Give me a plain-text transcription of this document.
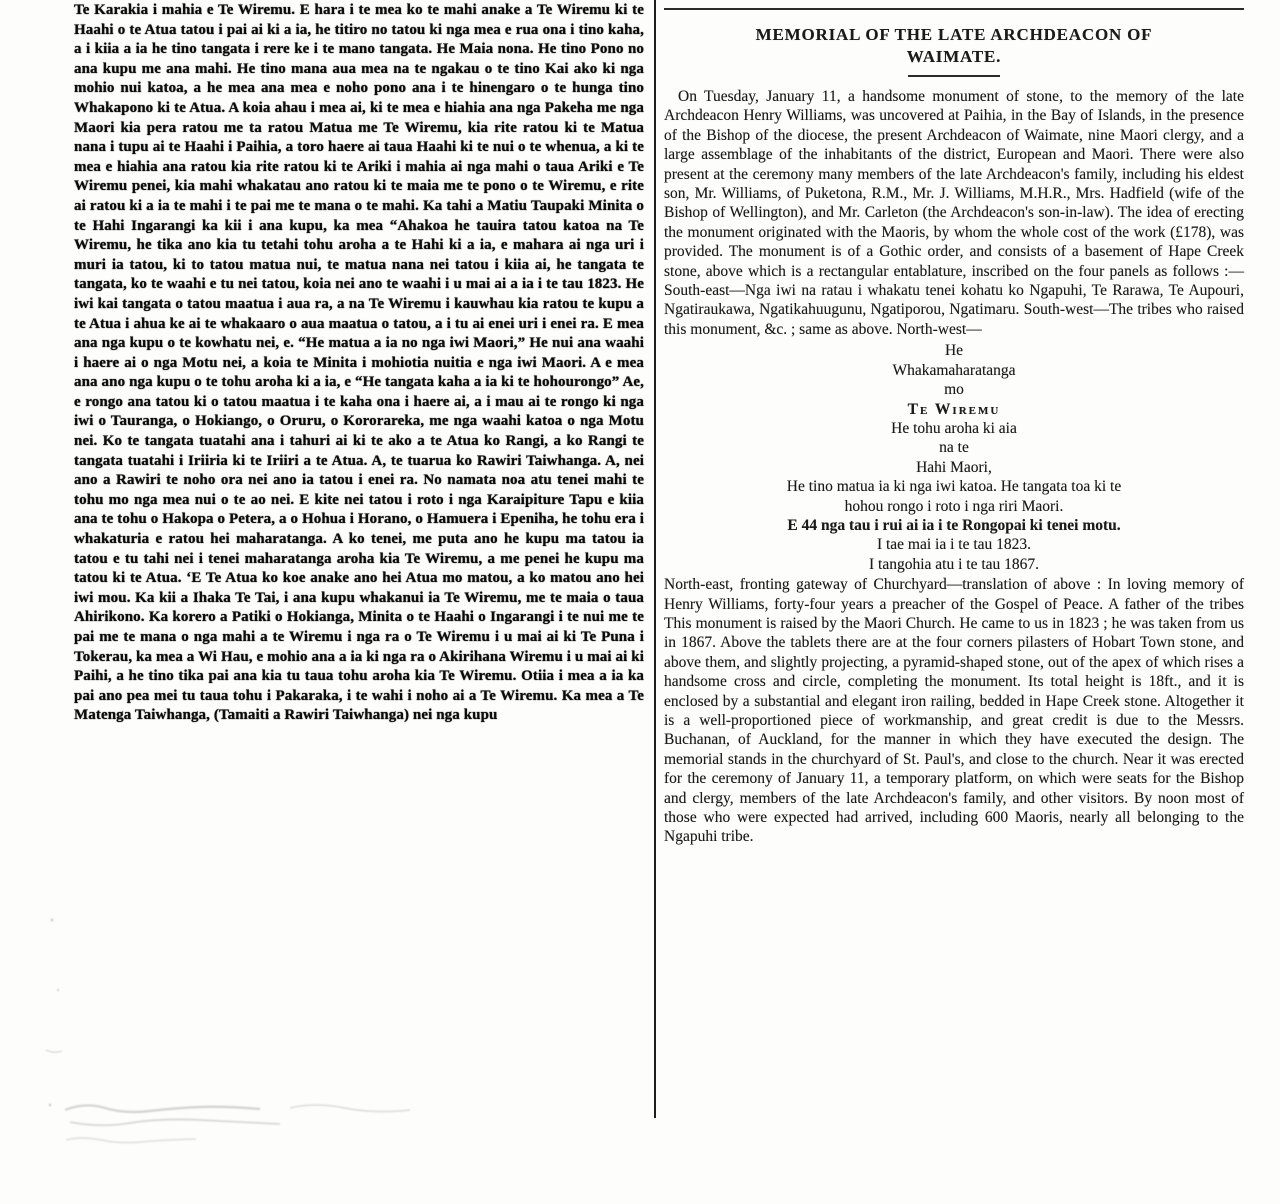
Te Karakia i mahia e Te Wiremu. E hara i te mea ko te mahi anake a Te Wiremu ki te Haahi o te Atua tatou i pai ai ki a ia, he titiro no tatou ki nga mea e rua ona i tino kaha, a i kiia a ia he tino tangata i rere ke i te mano tangata. He Maia nona. He tino Pono no ana kupu me ana mahi. He tino mana aua mea na te ngakau o te tino Kai ako ki nga mohio nui katoa, a he mea ana mea e noho pono ana i te hinengaro o te hunga tino Whakapono ki te Atua. A koia ahau i mea ai, ki te mea e hiahia ana nga Pakeha me nga Maori kia pera ratou me ta ratou Matua me Te Wiremu, kia rite ratou ki te Matua nana i tupu ai te Haahi i Paihia, a toro haere ai taua Haahi ki te nui o te whenua, a ki te mea e hiahia ana ratou kia rite ratou ki te Ariki i mahia ai nga mahi o taua Ariki e Te Wiremu penei, kia mahi whakatau ano ratou ki te maia me te pono o te Wiremu, e rite ai ratou ki a ia te mahi i te pai me te mana o te mahi. Ka tahi a Matiu Taupaki Minita o te Hahi Ingarangi ka kii i ana kupu, ka mea “Ahakoa he tauira tatou katoa na Te Wiremu, he tika ano kia tu tetahi tohu aroha a te Hahi ki a ia, e mahara ai nga uri i muri ia tatou, ki to tatou matua nui, te matua nana nei tatou i kiia ai, he tangata te tangata, ko te waahi e tu nei tatou, koia nei ano te waahi i u mai ai a ia i te tau 1823. He iwi kai tangata o tatou maatua i aua ra, a na Te Wiremu i kauwhau kia ratou te kupu a te Atua i ahua ke ai te whakaaro o aua maatua o tatou, a i tu ai enei uri i enei ra. E mea ana nga kupu o te kowhatu nei, e. “He matua a ia no nga iwi Maori,” He nui ana waahi i haere ai o nga Motu nei, a koia te Minita i mohiotia nuitia e nga iwi Maori. A e mea ana ano nga kupu o te tohu aroha ki a ia, e “He tangata kaha a ia ki te hohourongo” Ae, e rongo ana tatou ki o tatou maatua i te kaha ona i haere ai, a i mau ai te rongo ki nga iwi o Tauranga, o Hokiango, o Oruru, o Kororareka, me nga waahi katoa o nga Motu nei. Ko te tangata tuatahi ana i tahuri ai ki te ako a te Atua ko Rangi, a ko Rangi te tangata tuatahi i Iriiria ki te Iriiri a te Atua. A, te tuarua ko Rawiri Taiwhanga. A, nei ano a Rawiri te noho ora nei ano ia tatou i enei ra. No namata noa atu tenei mahi te tohu mo nga mea nui o te ao nei. E kite nei tatou i roto i nga Karaipiture Tapu e kiia ana te tohu o Hakopa o Petera, a o Hohua i Horano, o Hamuera i Epeniha, he tohu era i whakaturia e ratou hei maharatanga. A ko tenei, me puta ano he kupu ma tatou ia tatou e tu tahi nei i tenei maharatanga aroha kia Te Wiremu, a me penei he kupu ma tatou ki te Atua. ‘E Te Atua ko koe anake ano hei Atua mo matou, a ko matou ano hei iwi mou. Ka kii a Ihaka Te Tai, i ana kupu whakanui ia Te Wiremu, me te maia o taua Ahirikono. Ka korero a Patiki o Hokianga, Minita o te Haahi o Ingarangi i te nui me te pai me te mana o nga mahi a te Wiremu i nga ra o Te Wiremu i u mai ai ki Te Puna i Tokerau, ka mea a Wi Hau, e mohio ana a ia ki nga ra o Akirihana Wiremu i u mai ai ki Paihi, a he tino tika pai ana kia tu taua tohu aroha kia Te Wiremu. Otiia i mea a ia ka pai ano pea mei tu taua tohu i Pakaraka, i te wahi i noho ai a Te Wiremu. Ka mea a Te Matenga Taiwhanga, (Tamaiti a Rawiri Taiwhanga) nei nga kupu

MEMORIAL OF THE LATE ARCHDEACON OF
WAIMATE.

On Tuesday, January 11, a handsome monument of stone, to the memory of the late Archdeacon Henry Williams, was uncovered at Paihia, in the Bay of Islands, in the presence of the Bishop of the diocese, the present Archdeacon of Waimate, nine Maori clergy, and a large assemblage of the inhabitants of the district, European and Maori. There were also present at the ceremony many members of the late Archdeacon's family, including his eldest son, Mr. Williams, of Puketona, R.M., Mr. J. Williams, M.H.R., Mrs. Hadfield (wife of the Bishop of Wellington), and Mr. Carleton (the Archdeacon's son-in-law). The idea of erecting the monument originated with the Maoris, by whom the whole cost of the work (£178), was provided. The monument is of a Gothic order, and consists of a basement of Hape Creek stone, above which is a rectangular entablature, inscribed on the four panels as follows :—South-east—Nga iwi na ratau i whakatu tenei kohatu ko Ngapuhi, Te Rarawa, Te Aupouri, Ngatiraukawa, Ngatikahuugunu, Ngatiporou, Ngatimaru. South-west—The tribes who raised this monument, &c. ; same as above. North-west—

He
Whakamaharatanga
mo
Te Wiremu
He tohu aroha ki aia
na te
Hahi Maori,
He tino matua ia ki nga iwi katoa. He tangata toa ki te
hohou rongo i roto i nga riri Maori.
E 44 nga tau i rui ai ia i te Rongopai ki tenei motu.
I tae mai ia i te tau 1823.
I tangohia atu i te tau 1867.

North-east, fronting gateway of Churchyard—translation of above : In loving memory of Henry Williams, forty-four years a preacher of the Gospel of Peace. A father of the tribes This monument is raised by the Maori Church. He came to us in 1823 ; he was taken from us in 1867. Above the tablets there are at the four corners pilasters of Hobart Town stone, and above them, and slightly projecting, a pyramid-shaped stone, out of the apex of which rises a handsome cross and circle, completing the monument. Its total height is 18ft., and it is enclosed by a substantial and elegant iron railing, bedded in Hape Creek stone. Altogether it is a well-proportioned piece of workmanship, and great credit is due to the Messrs. Buchanan, of Auckland, for the manner in which they have executed the design. The memorial stands in the churchyard of St. Paul's, and close to the church. Near it was erected for the ceremony of January 11, a temporary platform, on which were seats for the Bishop and clergy, members of the late Archdeacon's family, and other visitors. By noon most of those who were expected had arrived, including 600 Maoris, nearly all belonging to the Ngapuhi tribe.
